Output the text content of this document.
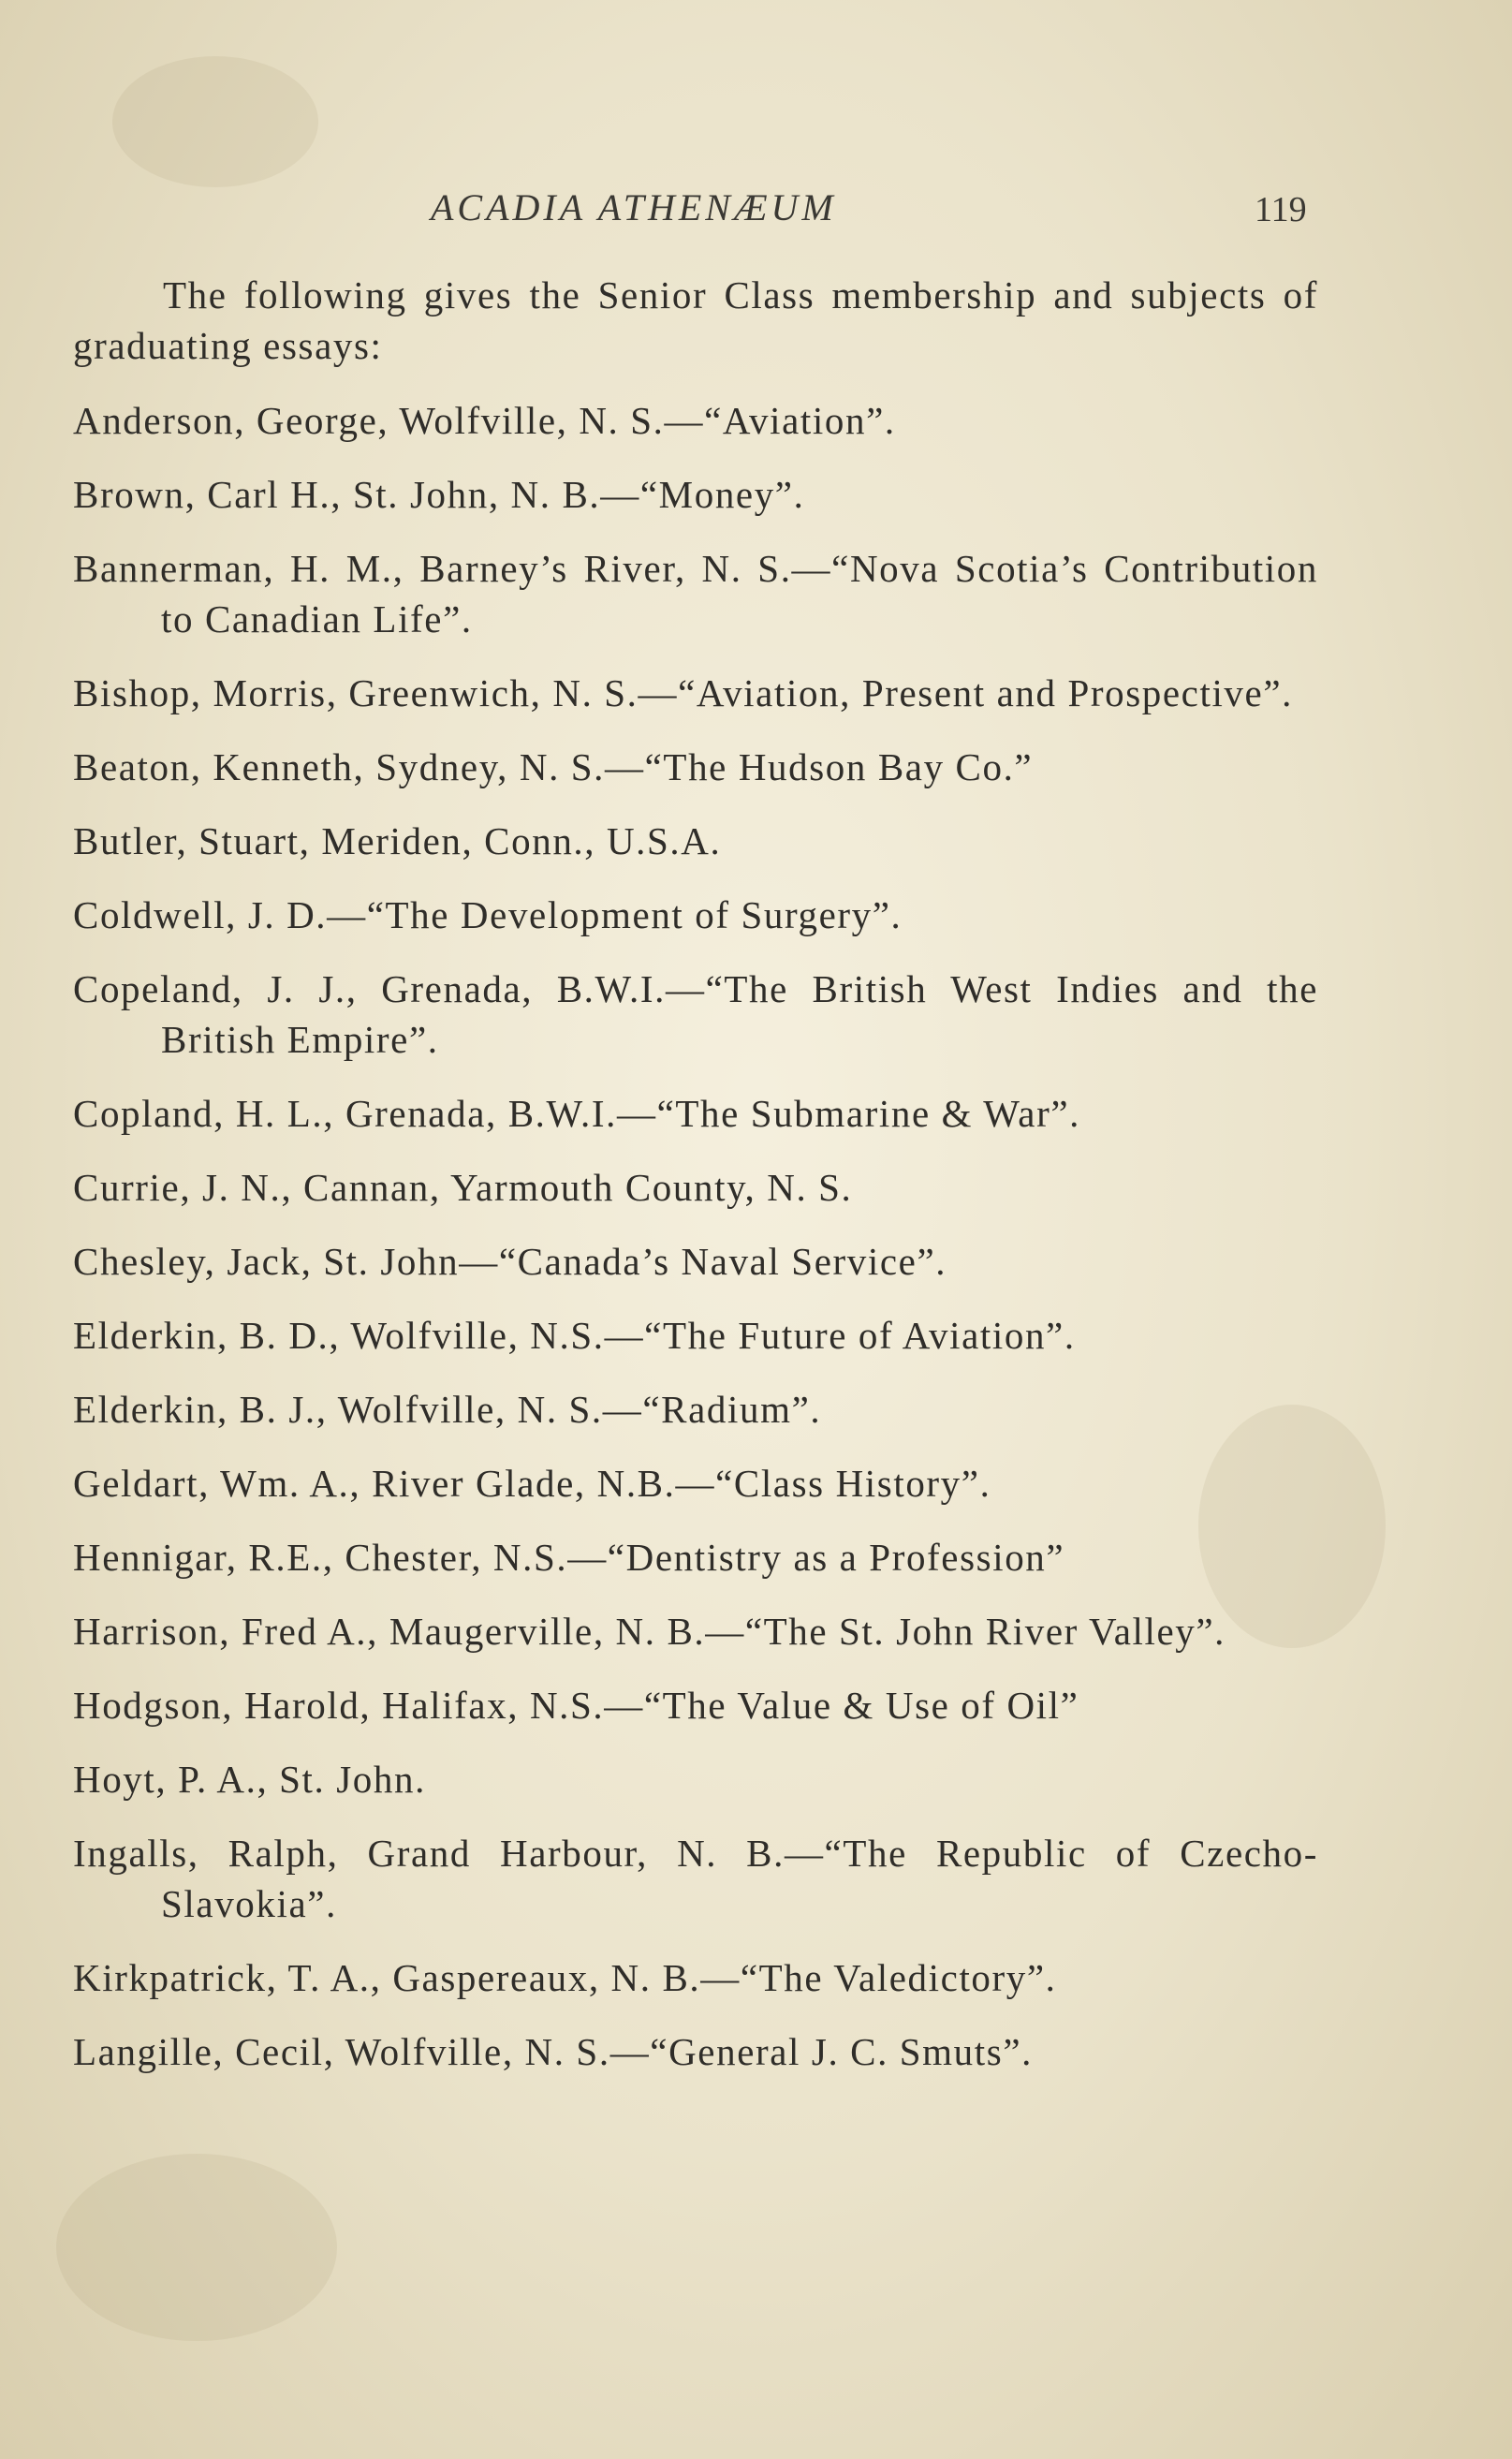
ACADIA ATHENÆUM	119

The following gives the Senior Class membership and subjects of graduating essays:

Anderson, George, Wolfville, N. S.—“Aviation”.

Brown, Carl H., St. John, N. B.—“Money”.

Bannerman, H. M., Barney’s River, N. S.—“Nova Scotia’s Contribution to Canadian Life”.

Bishop, Morris, Greenwich, N. S.—“Aviation, Present and Prospective”.

Beaton, Kenneth, Sydney, N. S.—“The Hudson Bay Co.”

Butler, Stuart, Meriden, Conn., U.S.A.

Coldwell, J. D.—“The Development of Surgery”.

Copeland, J. J., Grenada, B.W.I.—“The British West Indies and the British Empire”.

Copland, H. L., Grenada, B.W.I.—“The Submarine & War”.

Currie, J. N., Cannan, Yarmouth County, N. S.

Chesley, Jack, St. John—“Canada’s Naval Service”.

Elderkin, B. D., Wolfville, N.S.—“The Future of Aviation”.

Elderkin, B. J., Wolfville, N. S.—“Radium”.

Geldart, Wm. A., River Glade, N.B.—“Class History”.

Hennigar, R.E., Chester, N.S.—“Dentistry as a Profession”

Harrison, Fred A., Maugerville, N. B.—“The St. John River Valley”.

Hodgson, Harold, Halifax, N.S.—“The Value & Use of Oil”

Hoyt, P. A., St. John.

Ingalls, Ralph, Grand Harbour, N. B.—“The Republic of Czecho-Slavokia”.

Kirkpatrick, T. A., Gaspereaux, N. B.—“The Valedictory”.

Langille, Cecil, Wolfville, N. S.—“General J. C. Smuts”.
